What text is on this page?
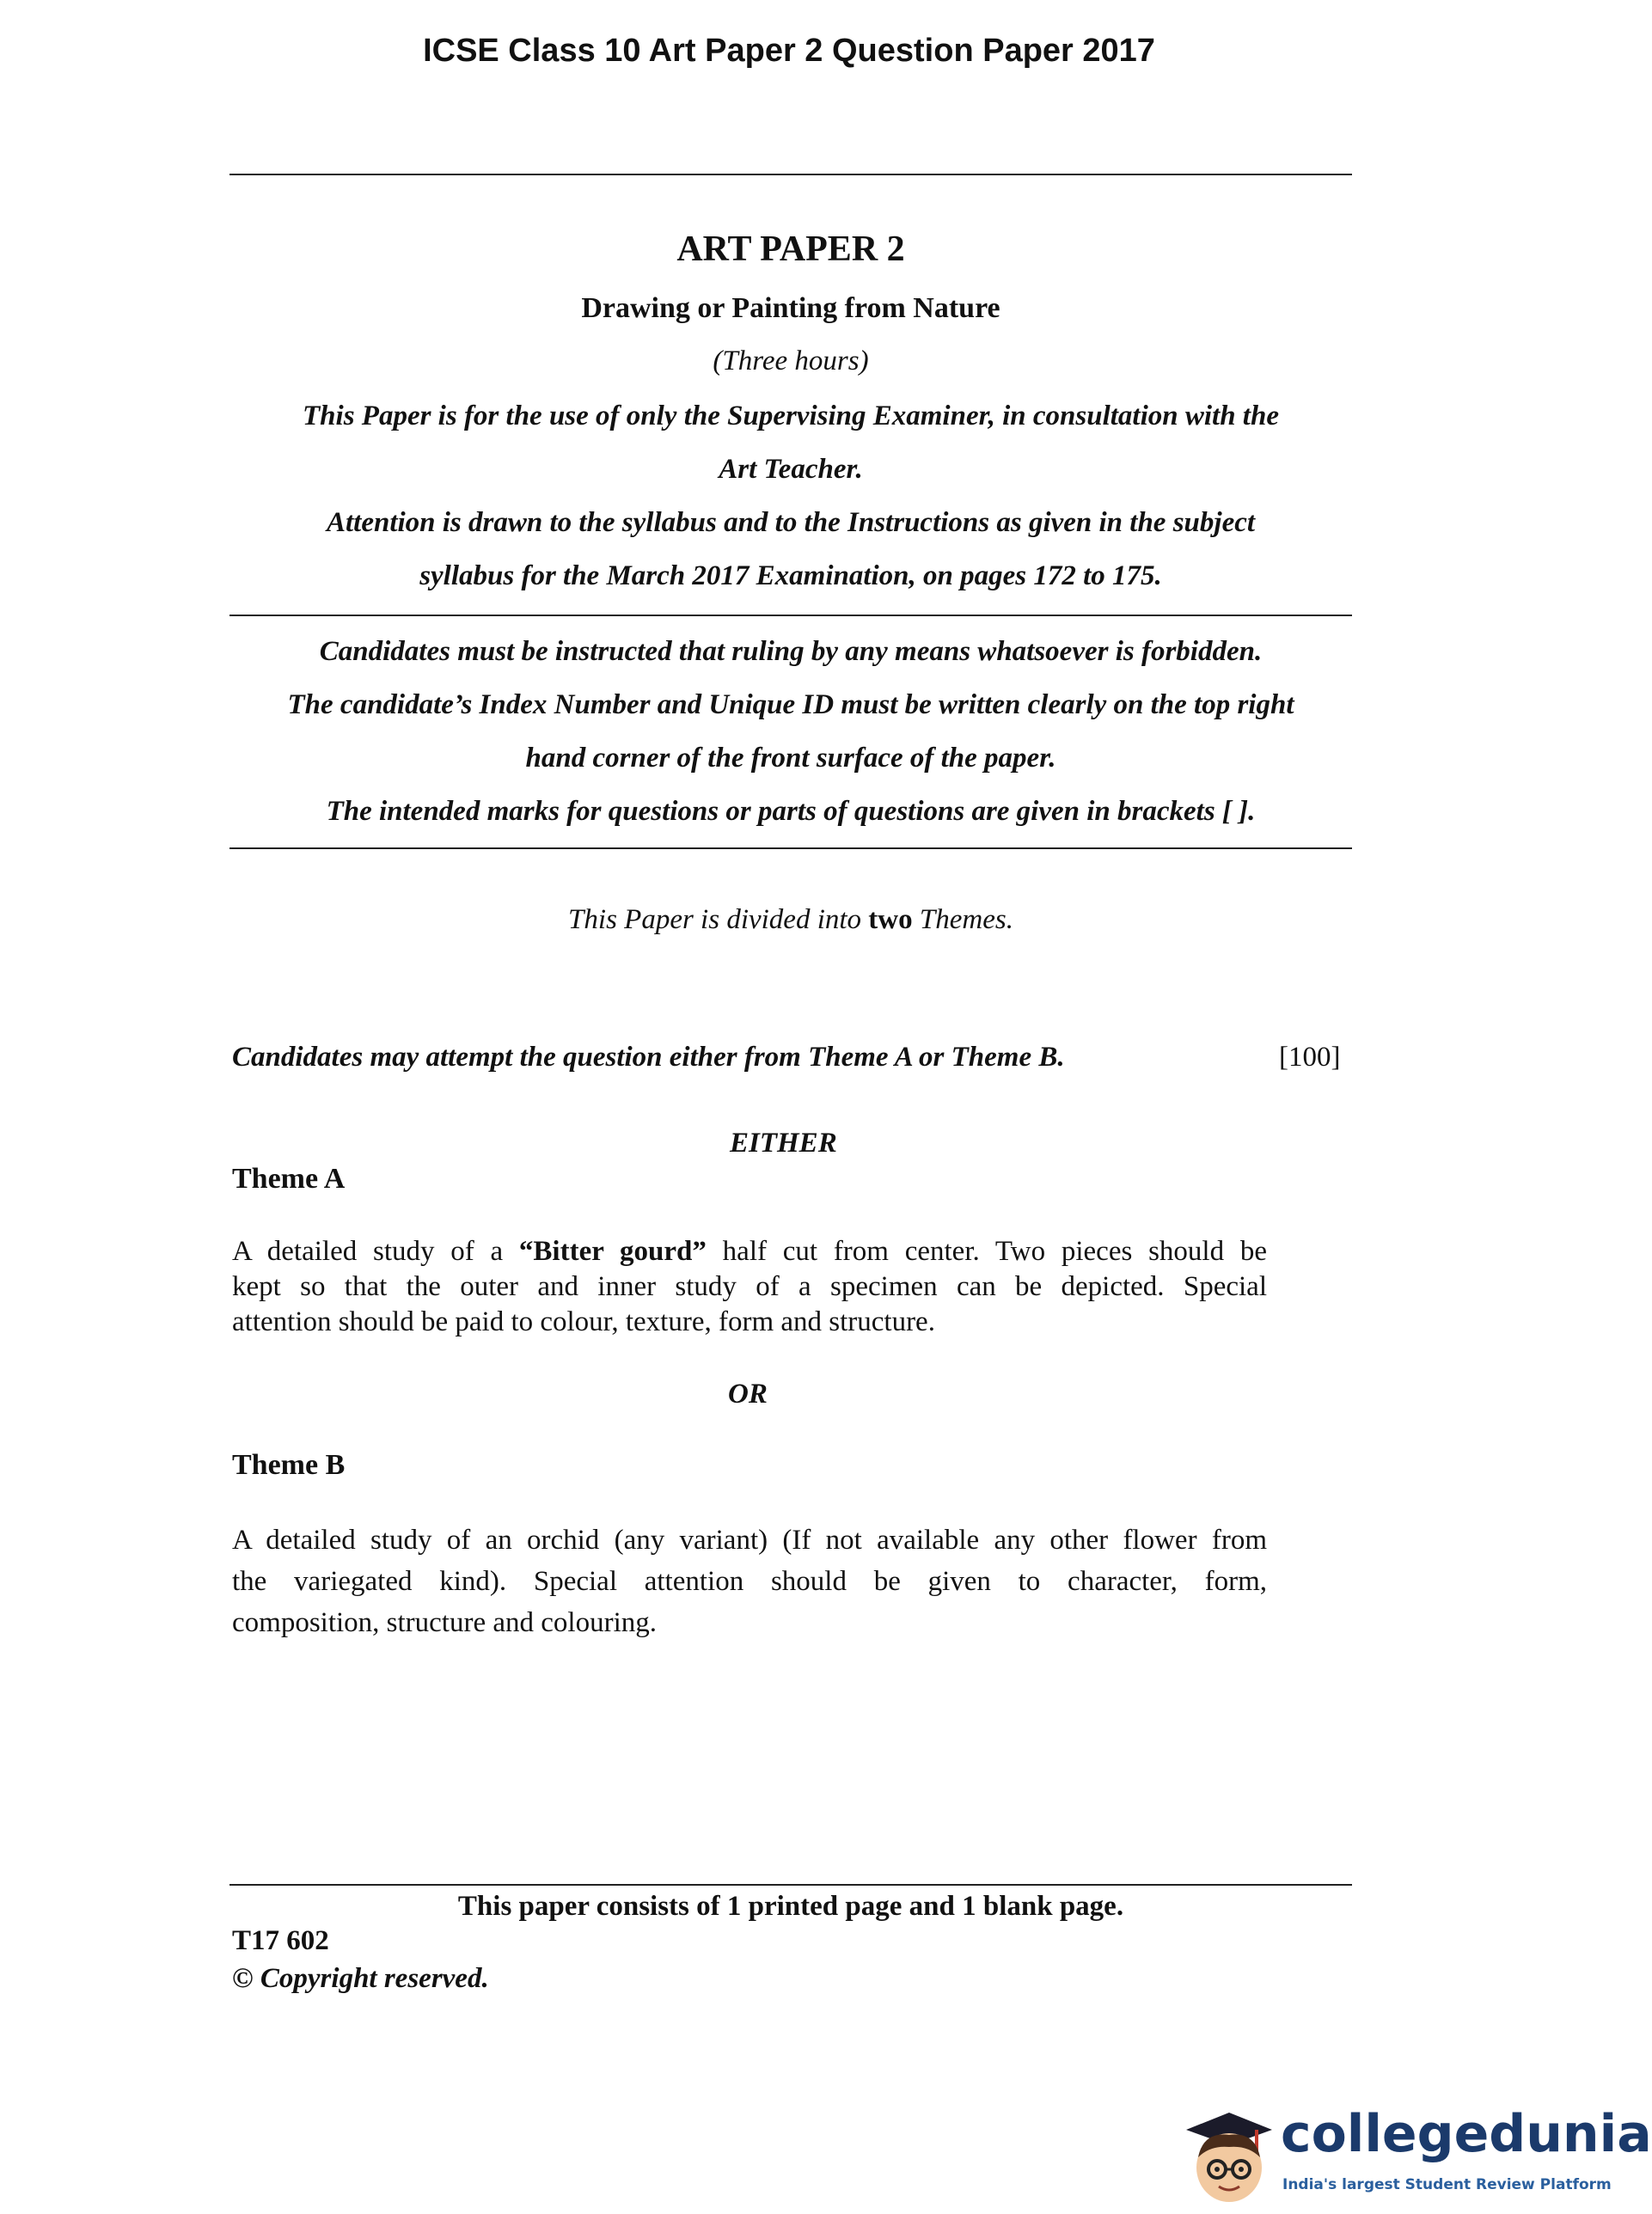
ICSE Class 10 Art Paper 2 Question Paper 2017
ART PAPER 2
Drawing or Painting from Nature
(Three hours)
This Paper is for the use of only the Supervising Examiner, in consultation with the
Art Teacher.
Attention is drawn to the syllabus and to the Instructions as given in the subject
syllabus for the March 2017 Examination, on pages 172 to 175.
Candidates must be instructed that ruling by any means whatsoever is forbidden.
The candidate’s Index Number and Unique ID must be written clearly on the top right
hand corner of the front surface of the paper.
The intended marks for questions or parts of questions are given in brackets [ ].
This Paper is divided into two Themes.
Candidates may attempt the question either from Theme A or Theme B.	[100]
EITHER
Theme A
A detailed study of a “Bitter gourd” half cut from center. Two pieces should be
kept so that the outer and inner study of a specimen can be depicted. Special
attention should be paid to colour, texture, form and structure.
OR
Theme B
A detailed study of an orchid (any variant) (If not available any other flower from
the variegated kind). Special attention should be given to character, form,
composition, structure and colouring.
This paper consists of 1 printed page and 1 blank page.
T17 602
© Copyright reserved.
collegedunia
India's largest Student Review Platform
